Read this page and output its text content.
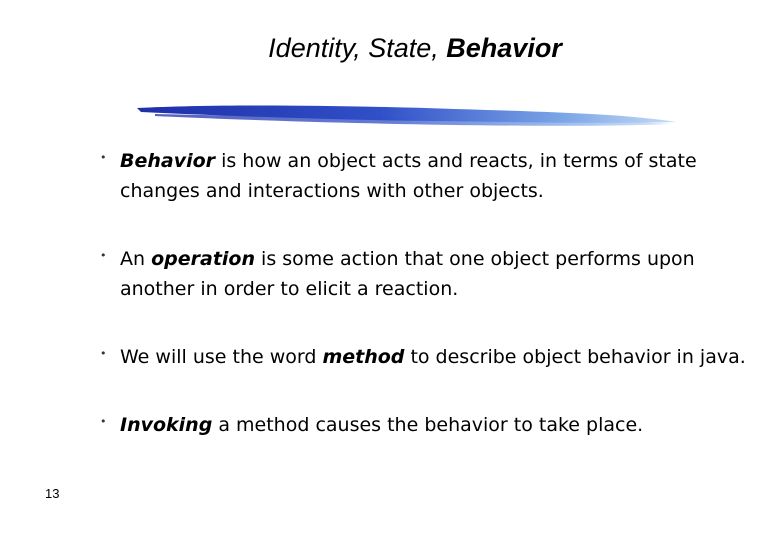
Identity, State, Behavior
• Behavior is how an object acts and reacts, in terms of state changes and interactions with other objects.
• An operation is some action that one object performs upon another in order to elicit a reaction.
• We will use the word method to describe object behavior in java.
• Invoking a method causes the behavior to take place.
13
